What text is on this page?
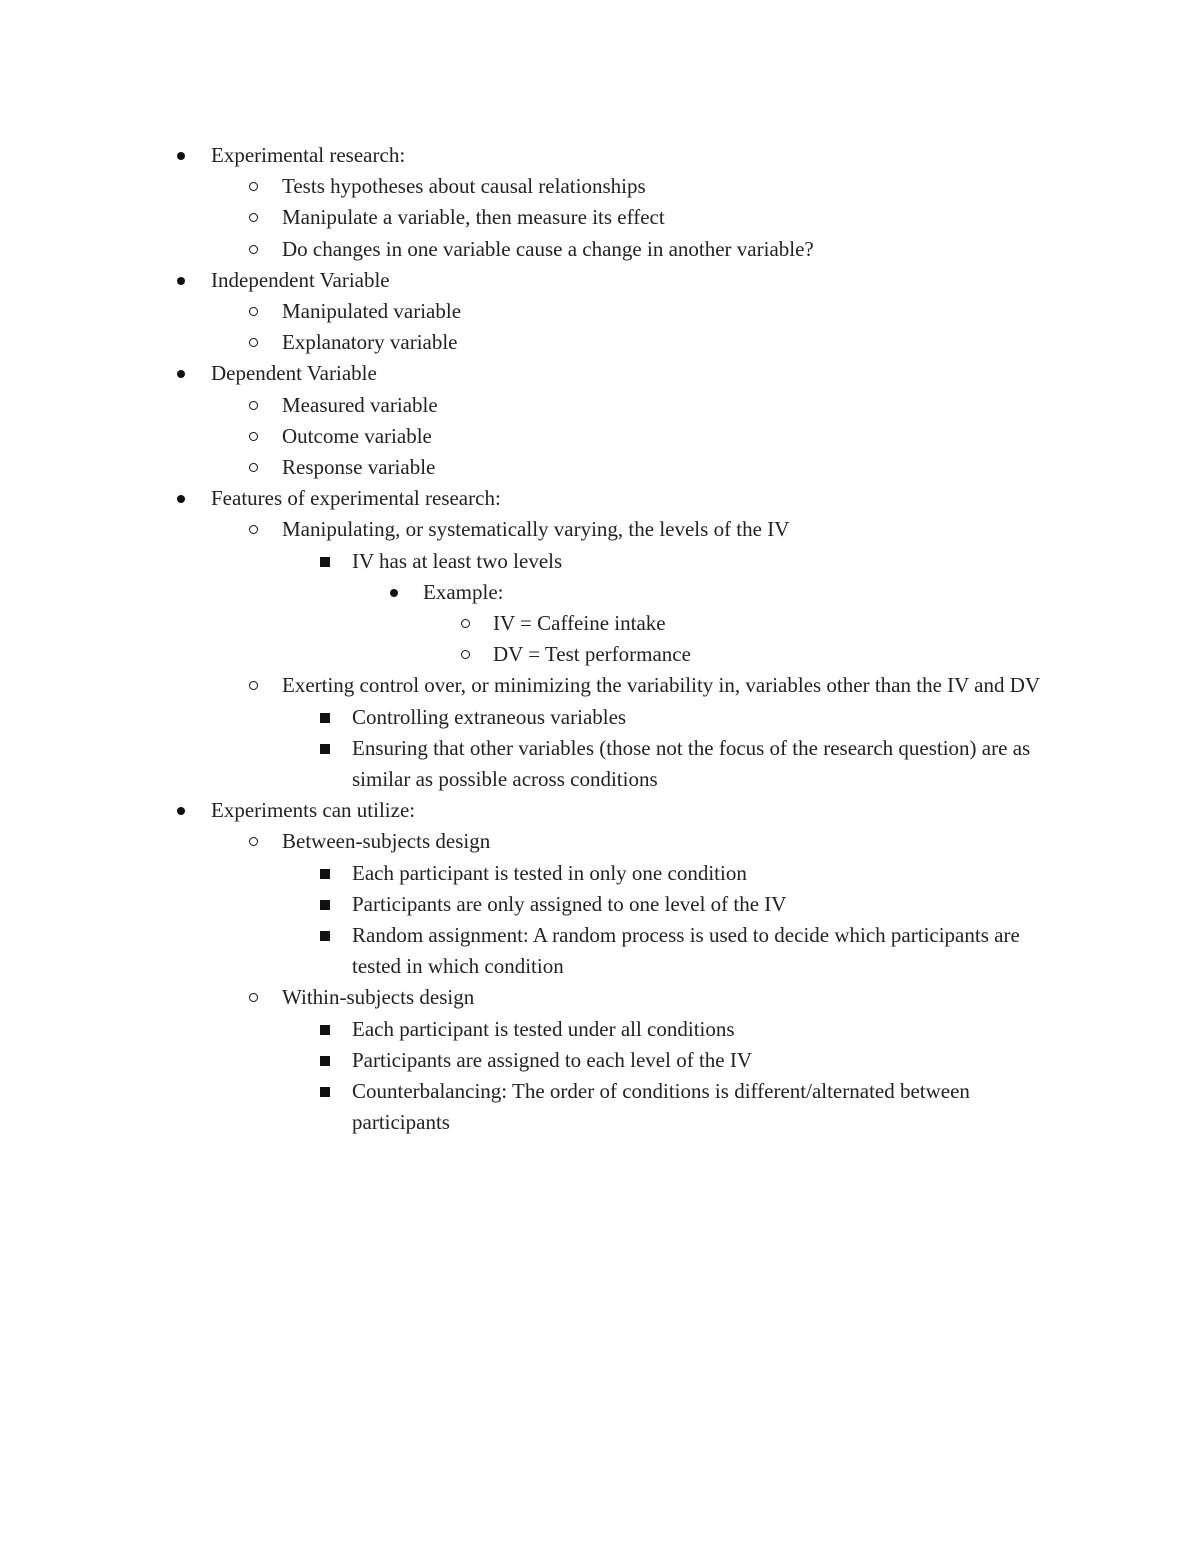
Experimental research:
Tests hypotheses about causal relationships
Manipulate a variable, then measure its effect
Do changes in one variable cause a change in another variable?
Independent Variable
Manipulated variable
Explanatory variable
Dependent Variable
Measured variable
Outcome variable
Response variable
Features of experimental research:
Manipulating, or systematically varying, the levels of the IV
IV has at least two levels
Example:
IV = Caffeine intake
DV = Test performance
Exerting control over, or minimizing the variability in, variables other than the IV and DV
Controlling extraneous variables
Ensuring that other variables (those not the focus of the research question) are as similar as possible across conditions
Experiments can utilize:
Between-subjects design
Each participant is tested in only one condition
Participants are only assigned to one level of the IV
Random assignment: A random process is used to decide which participants are tested in which condition
Within-subjects design
Each participant is tested under all conditions
Participants are assigned to each level of the IV
Counterbalancing: The order of conditions is different/alternated between participants
